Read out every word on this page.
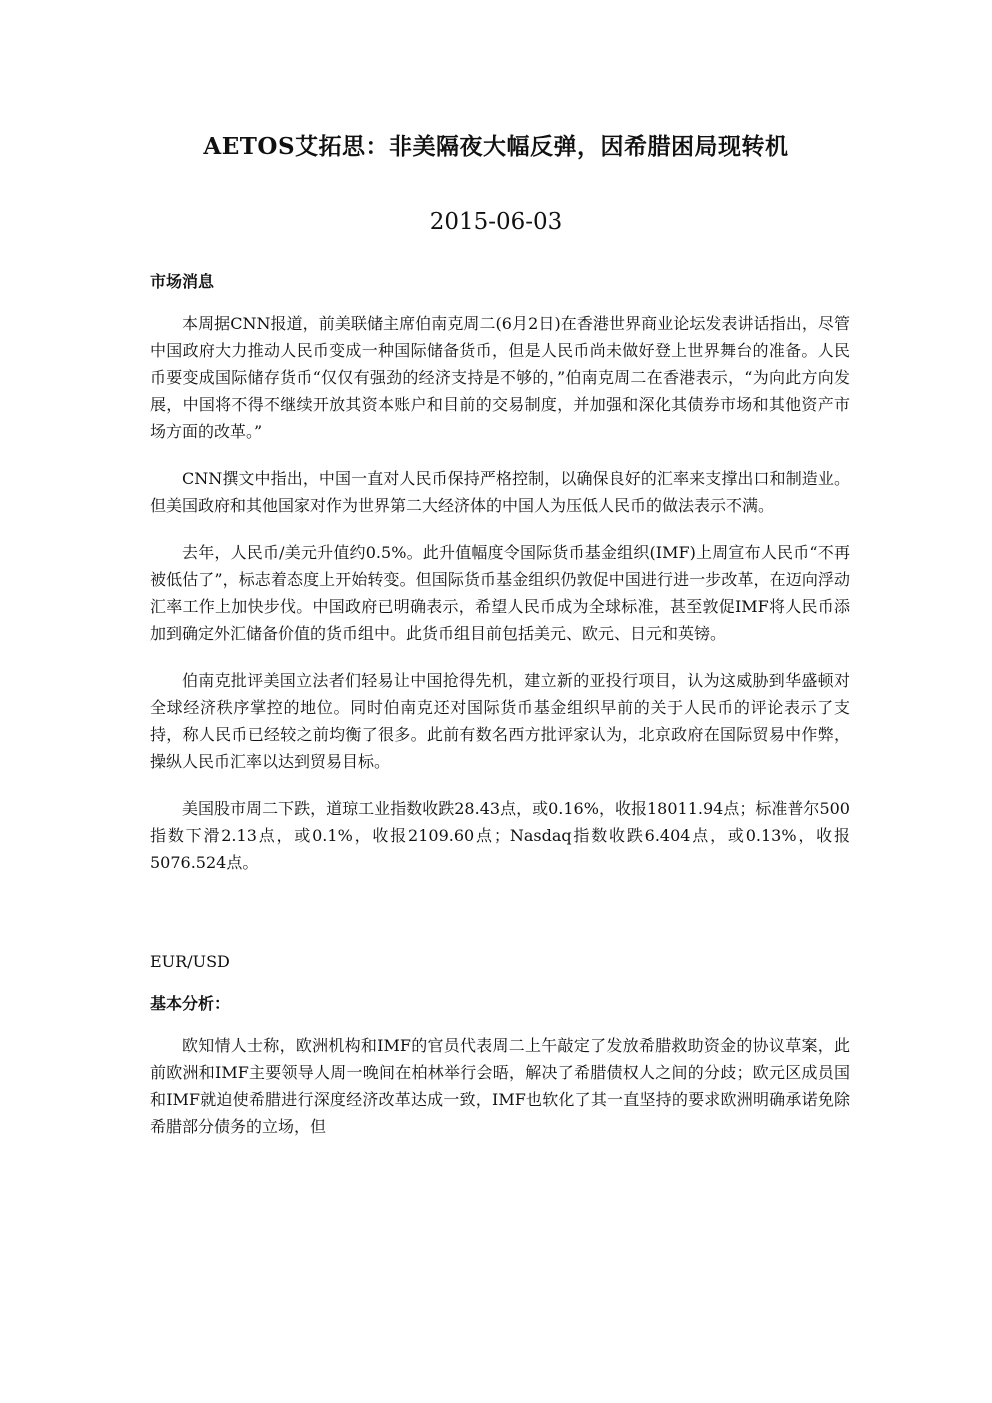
AETOS艾拓思：非美隔夜大幅反弹，因希腊困局现转机
2015-06-03

市场消息

本周据CNN报道，前美联储主席伯南克周二(6月2日)在香港世界商业论坛发表讲话指出，尽管中国政府大力推动人民币变成一种国际储备货币，但是人民币尚未做好登上世界舞台的准备。人民币要变成国际储存货币“仅仅有强劲的经济支持是不够的，”伯南克周二在香港表示，“为向此方向发展，中国将不得不继续开放其资本账户和目前的交易制度，并加强和深化其债券市场和其他资产市场方面的改革。”

CNN撰文中指出，中国一直对人民币保持严格控制，以确保良好的汇率来支撑出口和制造业。但美国政府和其他国家对作为世界第二大经济体的中国人为压低人民币的做法表示不满。

去年，人民币/美元升值约0.5%。此升值幅度令国际货币基金组织(IMF)上周宣布人民币“不再被低估了”，标志着态度上开始转变。但国际货币基金组织仍敦促中国进行进一步改革，在迈向浮动汇率工作上加快步伐。中国政府已明确表示，希望人民币成为全球标准，甚至敦促IMF将人民币添加到确定外汇储备价值的货币组中。此货币组目前包括美元、欧元、日元和英镑。

伯南克批评美国立法者们轻易让中国抢得先机，建立新的亚投行项目，认为这威胁到华盛顿对全球经济秩序掌控的地位。同时伯南克还对国际货币基金组织早前的关于人民币的评论表示了支持，称人民币已经较之前均衡了很多。此前有数名西方批评家认为，北京政府在国际贸易中作弊，操纵人民币汇率以达到贸易目标。

美国股市周二下跌，道琼工业指数收跌28.43点，或0.16%，收报18011.94点；标准普尔500指数下滑2.13点，或0.1%，收报2109.60点；Nasdaq指数收跌6.404点，或0.13%，收报5076.524点。

EUR/USD

基本分析：

欧知情人士称，欧洲机构和IMF的官员代表周二上午敲定了发放希腊救助资金的协议草案，此前欧洲和IMF主要领导人周一晚间在柏林举行会晤，解决了希腊债权人之间的分歧；欧元区成员国和IMF就迫使希腊进行深度经济改革达成一致，IMF也软化了其一直坚持的要求欧洲明确承诺免除希腊部分债务的立场，但
